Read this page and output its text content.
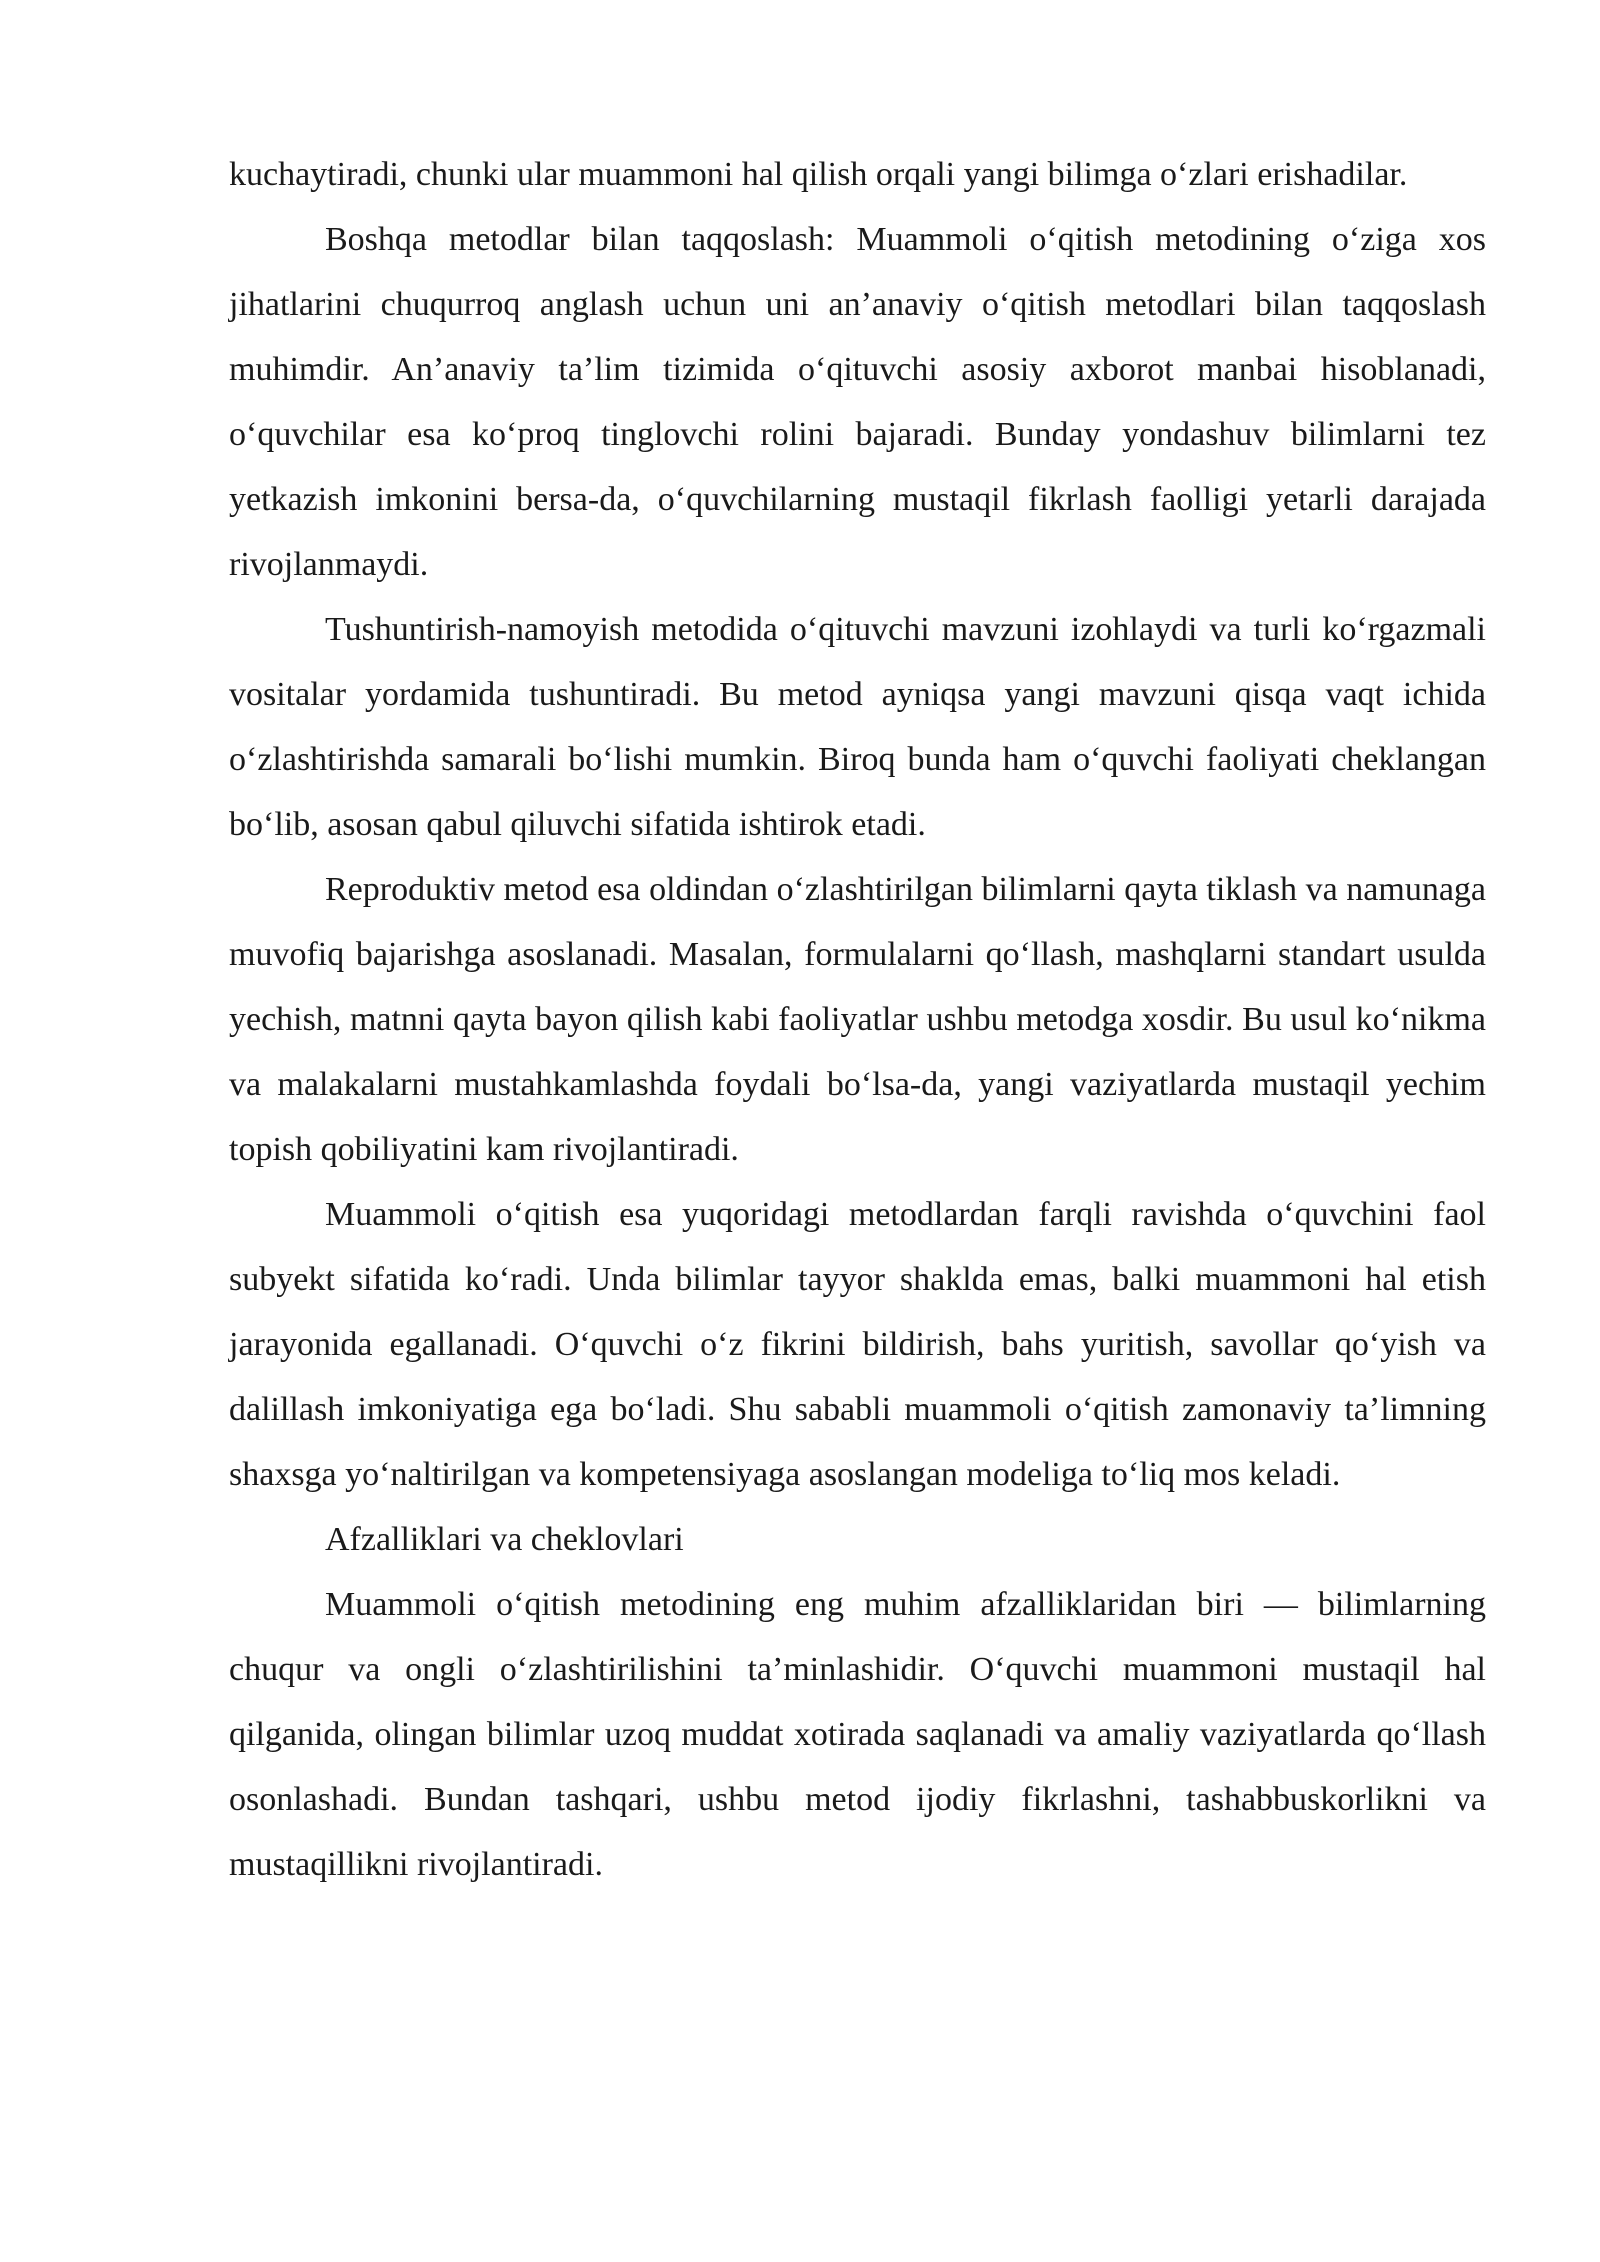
kuchaytiradi, chunki ular muammoni hal qilish orqali yangi bilimga o‘zlari erishadilar.

Boshqa metodlar bilan taqqoslash: Muammoli o‘qitish metodining o‘ziga xos jihatlarini chuqurroq anglash uchun uni an’anaviy o‘qitish metodlari bilan taqqoslash muhimdir. An’anaviy ta’lim tizimida o‘qituvchi asosiy axborot manbai hisoblanadi, o‘quvchilar esa ko‘proq tinglovchi rolini bajaradi. Bunday yondashuv bilimlarni tez yetkazish imkonini bersa-da, o‘quvchilarning mustaqil fikrlash faolligi yetarli darajada rivojlanmaydi.

Tushuntirish-namoyish metodida o‘qituvchi mavzuni izohlaydi va turli ko‘rgazmali vositalar yordamida tushuntiradi. Bu metod ayniqsa yangi mavzuni qisqa vaqt ichida o‘zlashtirishda samarali bo‘lishi mumkin. Biroq bunda ham o‘quvchi faoliyati cheklangan bo‘lib, asosan qabul qiluvchi sifatida ishtirok etadi.

Reproduktiv metod esa oldindan o‘zlashtirilgan bilimlarni qayta tiklash va namunaga muvofiq bajarishga asoslanadi. Masalan, formulalarni qo‘llash, mashqlarni standart usulda yechish, matnni qayta bayon qilish kabi faoliyatlar ushbu metodga xosdir. Bu usul ko‘nikma va malakalarni mustahkamlashda foydali bo‘lsa-da, yangi vaziyatlarda mustaqil yechim topish qobiliyatini kam rivojlantiradi.

Muammoli o‘qitish esa yuqoridagi metodlardan farqli ravishda o‘quvchini faol subyekt sifatida ko‘radi. Unda bilimlar tayyor shakldа emas, balki muammoni hal etish jarayonida egallanadi. O‘quvchi o‘z fikrini bildirish, bahs yuritish, savollar qo‘yish va dalillash imkoniyatiga ega bo‘ladi. Shu sababli muammoli o‘qitish zamonaviy ta’limning shaxsga yo‘naltirilgan va kompetensiyaga asoslangan modeliga to‘liq mos keladi.

Afzalliklari va cheklovlari

Muammoli o‘qitish metodining eng muhim afzalliklaridan biri — bilimlarning chuqur va ongli o‘zlashtirilishini ta’minlashidir. O‘quvchi muammoni mustaqil hal qilganida, olingan bilimlar uzoq muddat xotirada saqlanadi va amaliy vaziyatlarda qo‘llash osonlashadi. Bundan tashqari, ushbu metod ijodiy fikrlashni, tashabbuskorlikni va mustaqillikni rivojlantiradi.
